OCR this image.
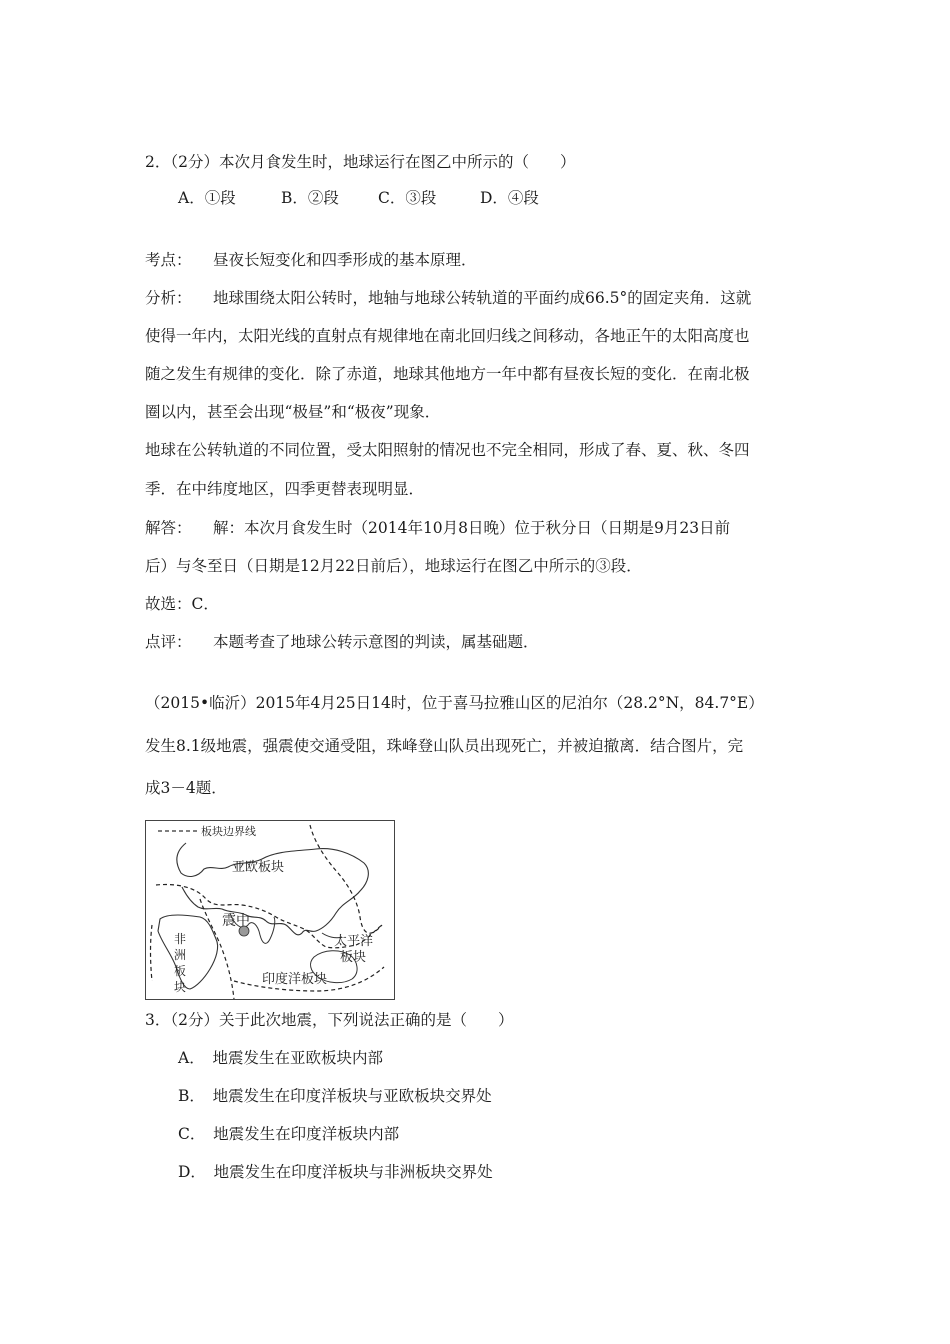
2．（2分）本次月食发生时，地球运行在图乙中所示的（　　）
A．①段	B．②段	C．③段	D．④段
考点： 昼夜长短变化和四季形成的基本原理．
分析： 地球围绕太阳公转时，地轴与地球公转轨道的平面约成66.5°的固定夹角．这就
使得一年内，太阳光线的直射点有规律地在南北回归线之间移动，各地正午的太阳高度也
随之发生有规律的变化．除了赤道，地球其他地方一年中都有昼夜长短的变化．在南北极
圈以内，甚至会出现“极昼”和“极夜”现象．
地球在公转轨道的不同位置，受太阳照射的情况也不完全相同，形成了春、夏、秋、冬四
季．在中纬度地区，四季更替表现明显．
解答： 解：本次月食发生时（2014年10月8日晚）位于秋分日（日期是9月23日前
后）与冬至日（日期是12月22日前后），地球运行在图乙中所示的③段．
故选：C．
点评： 本题考查了地球公转示意图的判读，属基础题．
（2015•临沂）2015年4月25日14时，位于喜马拉雅山区的尼泊尔（28.2°N，84.7°E）
发生8.1级地震，强震使交通受阻，珠峰登山队员出现死亡，并被迫撤离．结合图片，完
成3－4题．
板块边界线
亚欧板块
震中
非
洲
板
块
太平洋
板块
印度洋板块
3．（2分）关于此次地震，下列说法正确的是（　　）
A．　地震发生在亚欧板块内部
B．　地震发生在印度洋板块与亚欧板块交界处
C．　地震发生在印度洋板块内部
D．　地震发生在印度洋板块与非洲板块交界处
